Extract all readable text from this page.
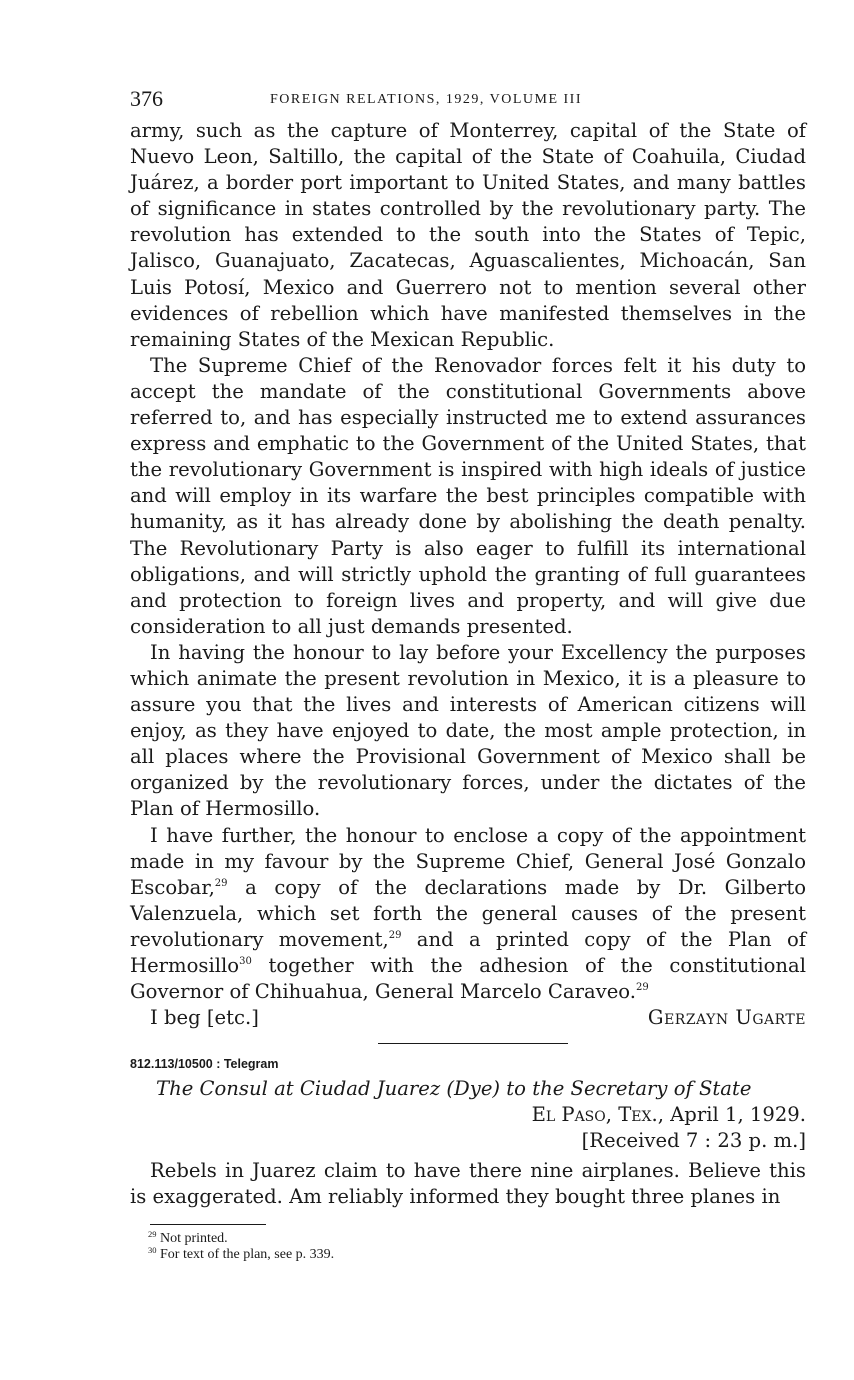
376	FOREIGN RELATIONS, 1929, VOLUME III

army, such as the capture of Monterrey, capital of the State of Nuevo Leon, Saltillo, the capital of the State of Coahuila, Ciudad Juárez, a border port important to United States, and many battles of significance in states controlled by the revolutionary party. The revolution has extended to the south into the States of Tepic, Jalisco, Guanajuato, Zacatecas, Aguascalientes, Michoacán, San Luis Potosí, Mexico and Guerrero not to mention several other evidences of rebellion which have manifested themselves in the remaining States of the Mexican Republic.

The Supreme Chief of the Renovador forces felt it his duty to accept the mandate of the constitutional Governments above referred to, and has especially instructed me to extend assurances express and emphatic to the Government of the United States, that the revolutionary Government is inspired with high ideals of justice and will employ in its warfare the best principles compatible with humanity, as it has already done by abolishing the death penalty. The Revolutionary Party is also eager to fulfill its international obligations, and will strictly uphold the granting of full guarantees and protection to foreign lives and property, and will give due consideration to all just demands presented.

In having the honour to lay before your Excellency the purposes which animate the present revolution in Mexico, it is a pleasure to assure you that the lives and interests of American citizens will enjoy, as they have enjoyed to date, the most ample protection, in all places where the Provisional Government of Mexico shall be organized by the revolutionary forces, under the dictates of the Plan of Hermosillo.

I have further, the honour to enclose a copy of the appointment made in my favour by the Supreme Chief, General José Gonzalo Escobar,$^{29}$ a copy of the declarations made by Dr. Gilberto Valenzuela, which set forth the general causes of the present revolutionary movement,$^{29}$ and a printed copy of the Plan of Hermosillo$^{30}$ together with the adhesion of the constitutional Governor of Chihuahua, General Marcelo Caraveo.$^{29}$

I beg [etc.]	Gerzayn Ugarte
812.113/10500 : Telegram
The Consul at Ciudad Juarez (Dye) to the Secretary of State
El Paso, Tex., April 1, 1929.
[Received 7 : 23 p. m.]

Rebels in Juarez claim to have there nine airplanes. Believe this is exaggerated. Am reliably informed they bought three planes in

$^{29}$ Not printed.
$^{30}$ For text of the plan, see p. 339.
